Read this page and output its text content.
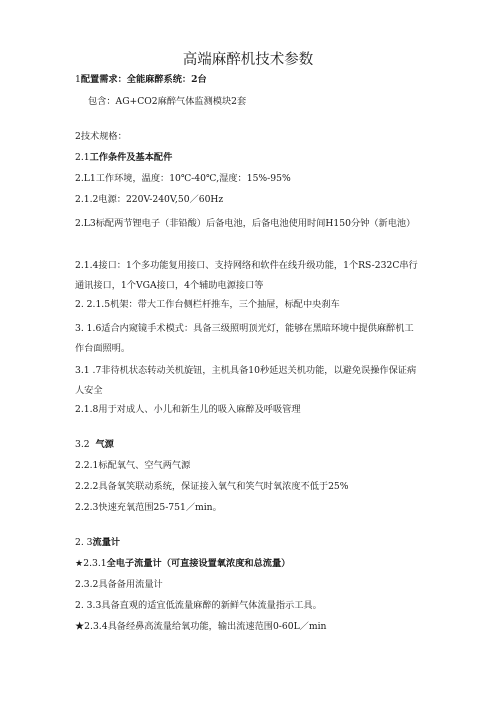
高端麻醉机技术参数
1配置需求：全能麻醉系统：2台
包含：AG+CO2麻醉气体监测模块2套
2技术规格：
2.1工作条件及基本配件
2.L1工作环境，温度：10℃-40℃,湿度：15%-95%
2.1.2电源：220V-240V,50／60Hz
2.L3标配两节锂电子（非铅酸）后备电池，后备电池使用时间H150分钟（新电池）
2.1.4接口：1个多功能复用接口、支持网络和软件在线升级功能，1个RS-232C串行通讯接口，1个VGA接口，4个辅助电源接口等
2. 2.1.5机架：带大工作台侧栏杆推车，三个抽屉，标配中央刹车
3. 1.6适合内窥镜手术模式：具备三级照明顶光灯，能够在黑暗环境中提供麻醉机工作台面照明。
3.1 .7非待机状态转动关机旋钮，主机具备10秒延迟关机功能，以避免误操作保证病人安全
2.1.8用于对成人、小儿和新生儿的吸入麻醉及呼吸管理
3.2 气源
2.2.1标配氧气、空气两气源
2.2.2具备氧笑联动系统，保证接入氧气和笑气时氧浓度不低于25%
2.2.3快速充氧范围25-751／min。
2. 3流量计
★2.3.1全电子流量计（可直接设置氧浓度和总流量）
2.3.2具备备用流量计
2. 3.3具备直观的适宜低流量麻醉的新鲜气体流量指示工具。
★2.3.4具备经鼻高流量给氧功能，输出流速范围0-60L／min
